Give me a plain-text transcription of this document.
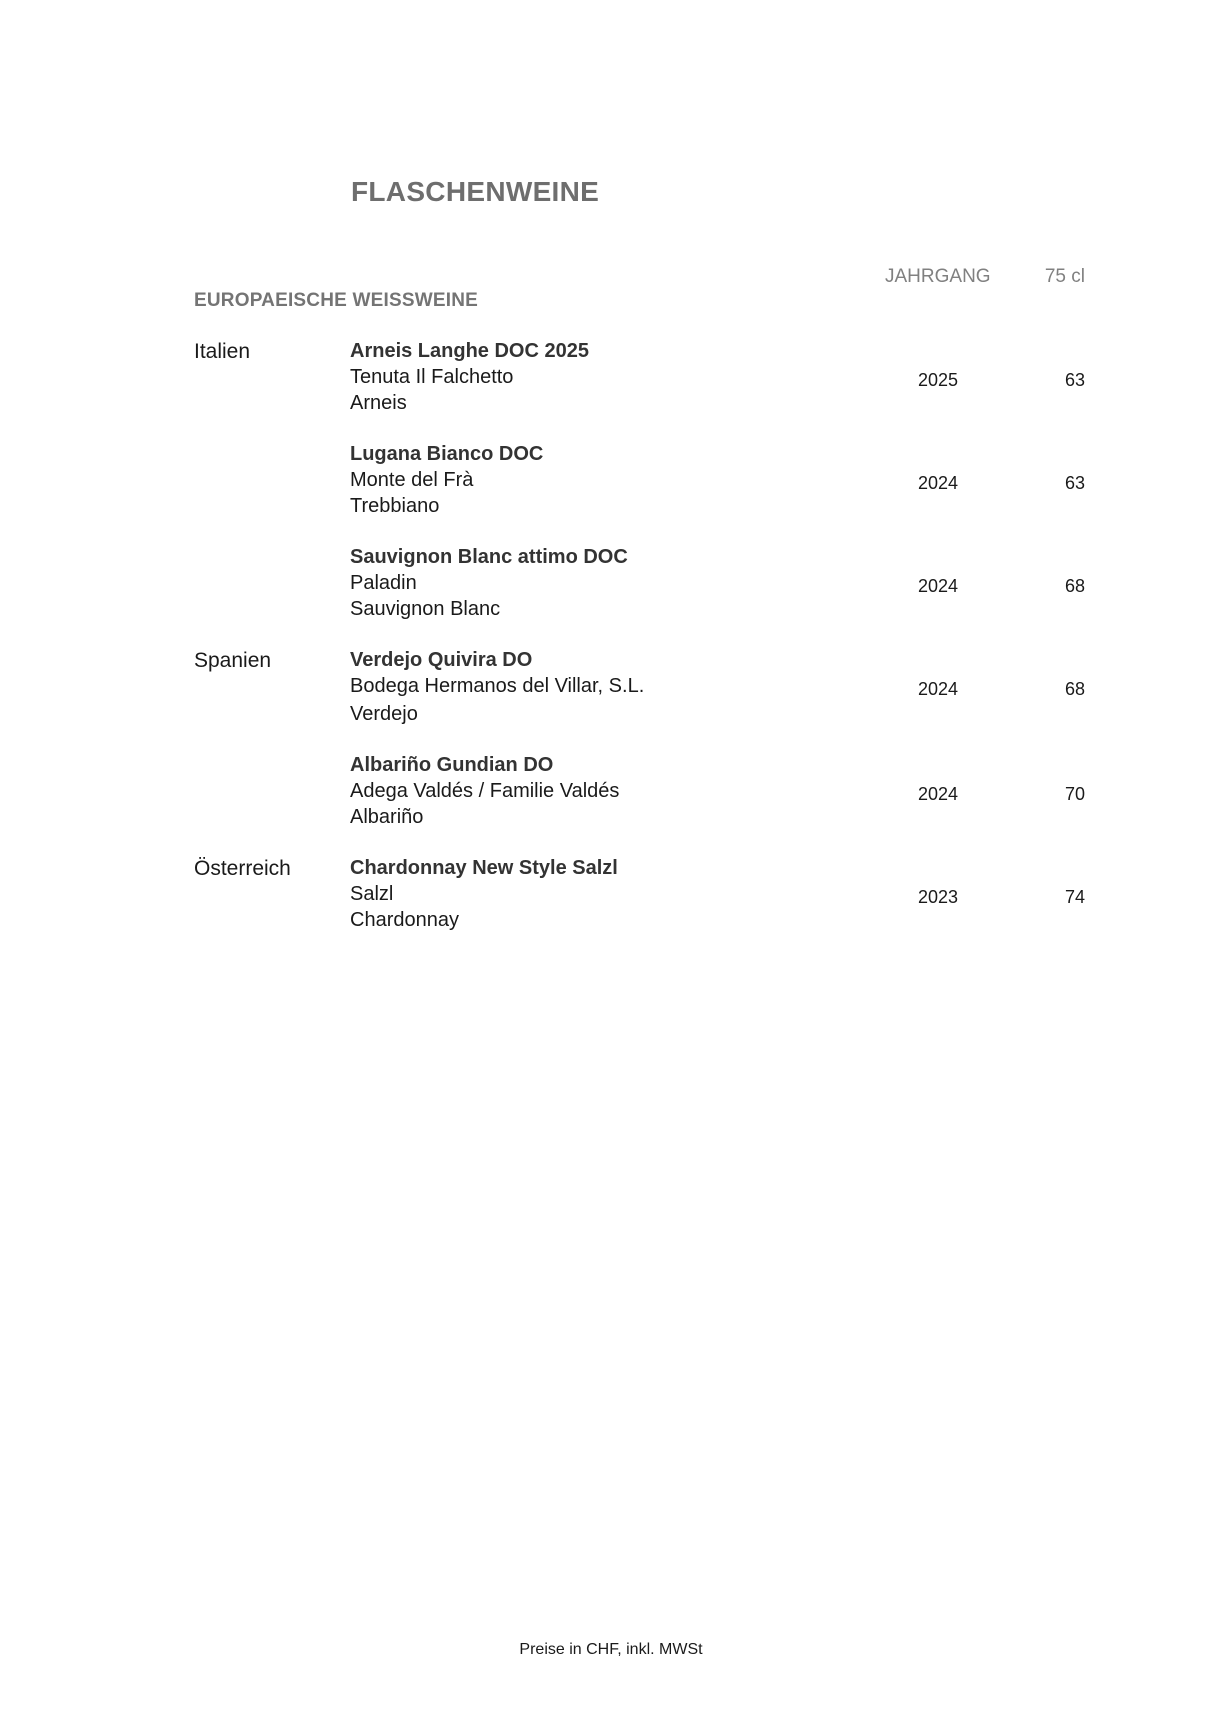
FLASCHENWEINE
JAHRGANG	75 cl
EUROPAEISCHE WEISSWEINE
Italien	Arneis Langhe DOC 2025
Tenuta Il Falchetto
Arneis
2025	63
Lugana Bianco DOC
Monte del Frà
Trebbiano
2024	63
Sauvignon Blanc attimo DOC
Paladin
Sauvignon Blanc
2024	68
Spanien	Verdejo Quivira DO
Bodega Hermanos del Villar, S.L.
Verdejo
2024	68
Albariño Gundian DO
Adega Valdés / Familie Valdés
Albariño
2024	70
Österreich	Chardonnay New Style Salzl
Salzl
Chardonnay
2023	74
Preise in CHF, inkl. MWSt
